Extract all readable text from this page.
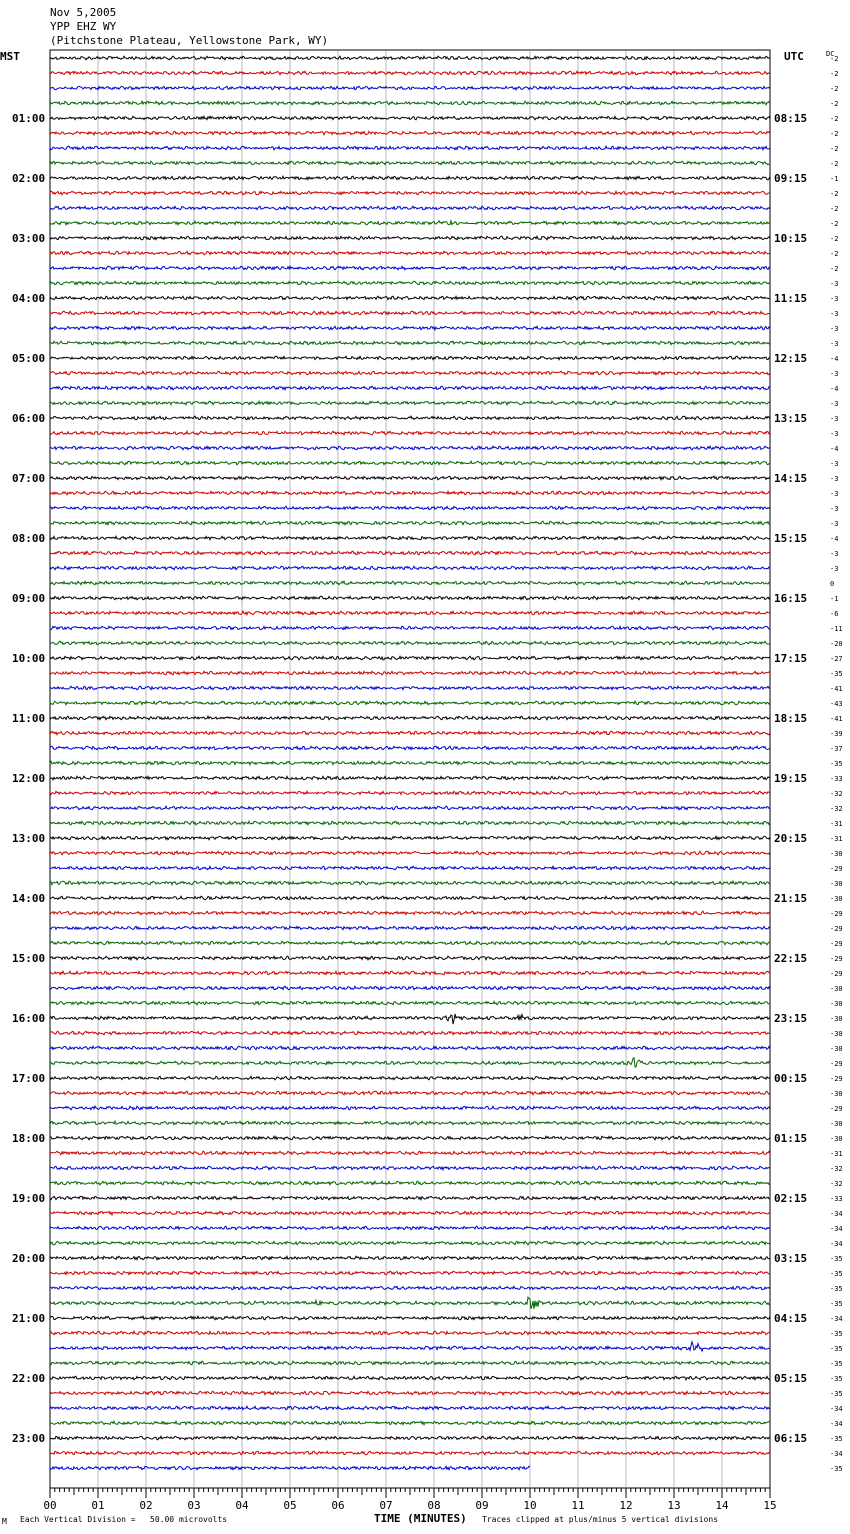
Nov 5,2005
YPP EHZ WY
(Pitchstone Plateau, Yellowstone Park, WY)
MST	UTC	-2
-2
-2
-2
-2
-2
-2
-2
-1
-2
-2
-2
-2
-2
-2
-3
-3
-3
-3
-3
-4
-3
-4
-3
-3
-3
-4
-3
-3
-3
-3
-3
-4
-3
-3
0
-1
-6
-11
-20
-27
-35
-41
-43
-41
-39
-37
-35
-33
-32
-32
-31
-31
-30
-29
-30
-30
-29
-29
-29
-29
-29
-30
-30
-30
-30
-30
-29
-29
-30
-29
-30
-30
-31
-32
-32
-33
-34
-34
-34
-35
-35
-35
-35
-34
-35
-35
-35
-35
-35
-34
-34
-35
-34
-35
DC
01:00
02:00
03:00
04:00
05:00
06:00
07:00
08:00
09:00
10:00
11:00
12:00
13:00
14:00
15:00
16:00
17:00
18:00
19:00
20:00
21:00
22:00
23:00
08:15
09:15
10:15
11:15
12:15
13:15
14:15
15:15
16:15
17:15
18:15
19:15
20:15
21:15
22:15
23:15
00:15
01:15
02:15
03:15
04:15
05:15
06:15
00	01	02	03	04	05	06	07	08	09	10	11	12	13	14	15
TIME (MINUTES)
M Each Vertical Division =   50.00 microvolts	Traces clipped at plus/minus 5 vertical divisions
